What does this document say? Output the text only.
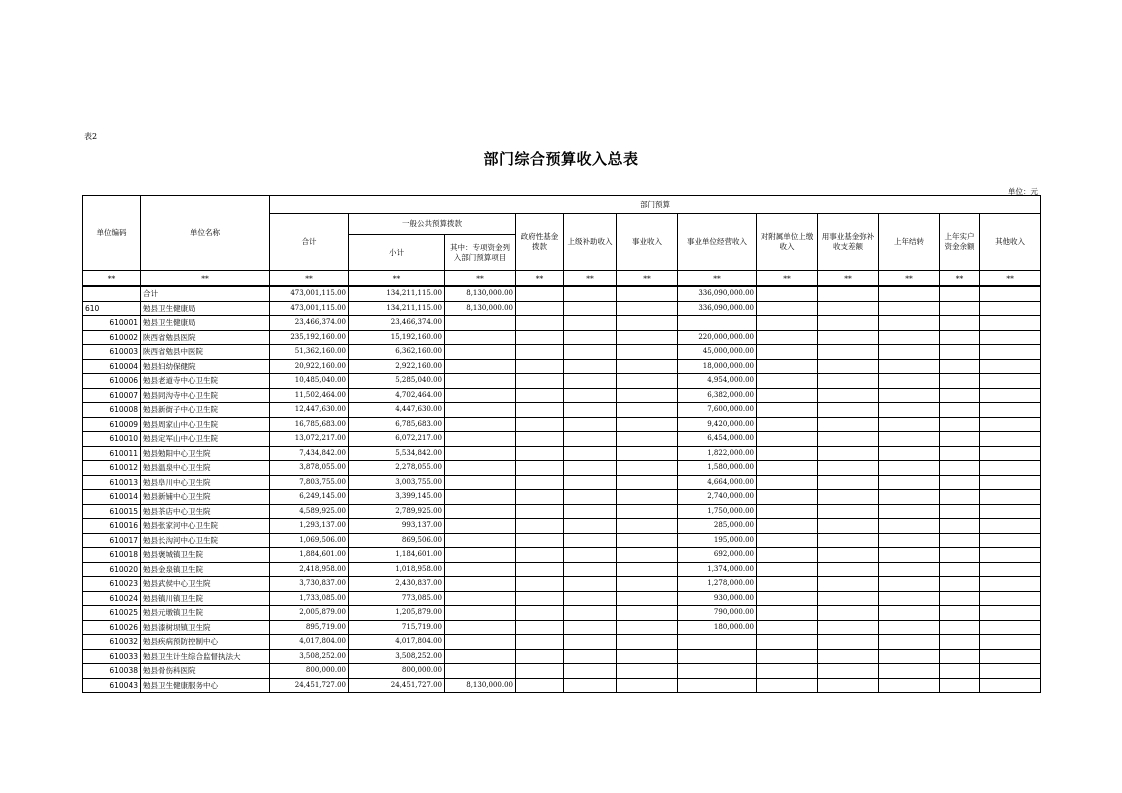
表2
部门综合预算收入总表
单位：元
单位编码	单位名称	部门预算											
		合计	一般公共预算拨款		政府性基金拨款	上级补助收入	事业收入	事业单位经营收入	对附属单位上缴收入	用事业基金弥补收支差额	上年结转	上年实户资金余额	其他收入
			小计	其中：专项资金列入部门预算项目									
**	**	**	**	**	**	**	**	**	**	**	**	**	**
	合计	473,001,115.00	134,211,115.00	8,130,000.00				336,090,000.00					
610	勉县卫生健康局	473,001,115.00	134,211,115.00	8,130,000.00				336,090,000.00					
610001	勉县卫生健康局	23,466,374.00	23,466,374.00										
610002	陕西省勉县医院	235,192,160.00	15,192,160.00					220,000,000.00					
610003	陕西省勉县中医院	51,362,160.00	6,362,160.00					45,000,000.00					
610004	勉县妇幼保健院	20,922,160.00	2,922,160.00					18,000,000.00					
610006	勉县老道寺中心卫生院	10,485,040.00	5,285,040.00					4,954,000.00					
610007	勉县同沟寺中心卫生院	11,502,464.00	4,702,464.00					6,382,000.00					
610008	勉县新街子中心卫生院	12,447,630.00	4,447,630.00					7,600,000.00					
610009	勉县周家山中心卫生院	16,785,683.00	6,785,683.00					9,420,000.00					
610010	勉县定军山中心卫生院	13,072,217.00	6,072,217.00					6,454,000.00					
610011	勉县勉阳中心卫生院	7,434,842.00	5,534,842.00					1,822,000.00					
610012	勉县温泉中心卫生院	3,878,055.00	2,278,055.00					1,580,000.00					
610013	勉县阜川中心卫生院	7,803,755.00	3,003,755.00					4,664,000.00					
610014	勉县新铺中心卫生院	6,249,145.00	3,399,145.00					2,740,000.00					
610015	勉县茶店中心卫生院	4,589,925.00	2,789,925.00					1,750,000.00					
610016	勉县张家河中心卫生院	1,293,137.00	993,137.00					285,000.00					
610017	勉县长沟河中心卫生院	1,069,506.00	869,506.00					195,000.00					
610018	勉县褒城镇卫生院	1,884,601.00	1,184,601.00					692,000.00					
610020	勉县金泉镇卫生院	2,418,958.00	1,018,958.00					1,374,000.00					
610023	勉县武侯中心卫生院	3,730,837.00	2,430,837.00					1,278,000.00					
610024	勉县镇川镇卫生院	1,733,085.00	773,085.00					930,000.00					
610025	勉县元墩镇卫生院	2,005,879.00	1,205,879.00					790,000.00					
610026	勉县漆树坝镇卫生院	895,719.00	715,719.00					180,000.00					
610032	勉县疾病预防控制中心	4,017,804.00	4,017,804.00										
610033	勉县卫生计生综合监督执法大	3,508,252.00	3,508,252.00										
610038	勉县骨伤科医院	800,000.00	800,000.00										
610043	勉县卫生健康服务中心	24,451,727.00	24,451,727.00	8,130,000.00									
